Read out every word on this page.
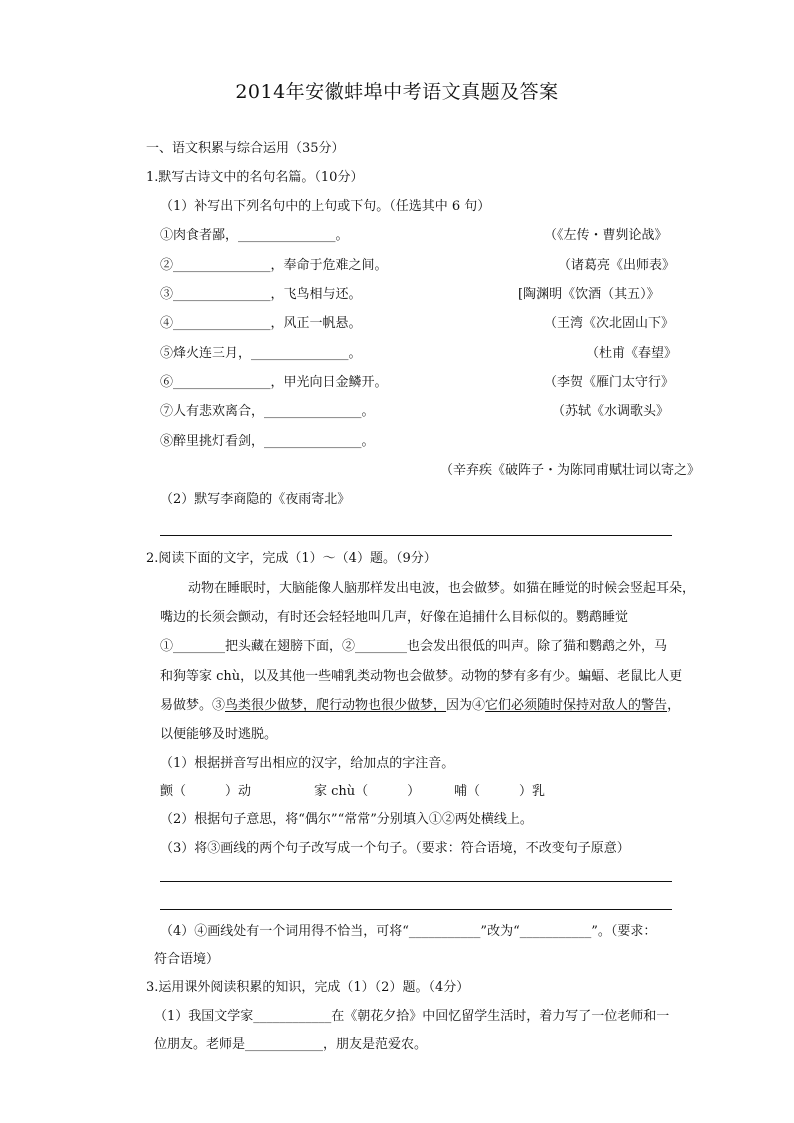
2014年安徽蚌埠中考语文真题及答案
一、语文积累与综合运用（35分）
1.默写古诗文中的名句名篇。（10分）
（1）补写出下列名句中的上句或下句。（任选其中 6 句）
①肉食者鄙，_______________。	（《左传・曹刿论战》
②_______________，奉命于危难之间。	（诸葛亮《出师表》
③_______________，飞鸟相与还。	[陶渊明《饮酒（其五）》
④_______________，风正一帆悬。	（王湾《次北固山下》
⑤烽火连三月，_______________。	（杜甫《春望》
⑥_______________，甲光向日金鳞开。	（李贺《雁门太守行》
⑦人有悲欢离合，_______________。	（苏轼《水调歌头》
⑧醉里挑灯看剑，_______________。
（辛弃疾《破阵子・为陈同甫赋壮词以寄之》
（2）默写李商隐的《夜雨寄北》
2.阅读下面的文字，完成（1）～（4）题。（9分）
动物在睡眠时，大脑能像人脑那样发出电波，也会做梦。如猫在睡觉的时候会竖起耳朵，
嘴边的长须会颤动，有时还会轻轻地叫几声，好像在追捕什么目标似的。鹦鹉睡觉
①________把头藏在翅膀下面，②________也会发出很低的叫声。除了猫和鹦鹉之外，马
和狗等家 chù，以及其他一些哺乳类动物也会做梦。动物的梦有多有少。蝙蝠、老鼠比人更
易做梦。③鸟类很少做梦，爬行动物也很少做梦，因为④它们必须随时保持对敌人的警告，
以便能够及时逃脱。
（1）根据拼音写出相应的汉字，给加点的字注音。
颤（　　　）动	家 chù（　　　）	哺（　　　）乳
（2）根据句子意思，将“偶尔”“常常”分别填入①②两处横线上。
（3）将③画线的两个句子改写成一个句子。（要求：符合语境，不改变句子原意）
（4）④画线处有一个词用得不恰当，可将“___________”改为“___________”。（要求：
符合语境）
3.运用课外阅读积累的知识，完成（1）（2）题。（4分）
（1）我国文学家____________在《朝花夕拾》中回忆留学生活时，着力写了一位老师和一
位朋友。老师是____________，朋友是范爱农。
